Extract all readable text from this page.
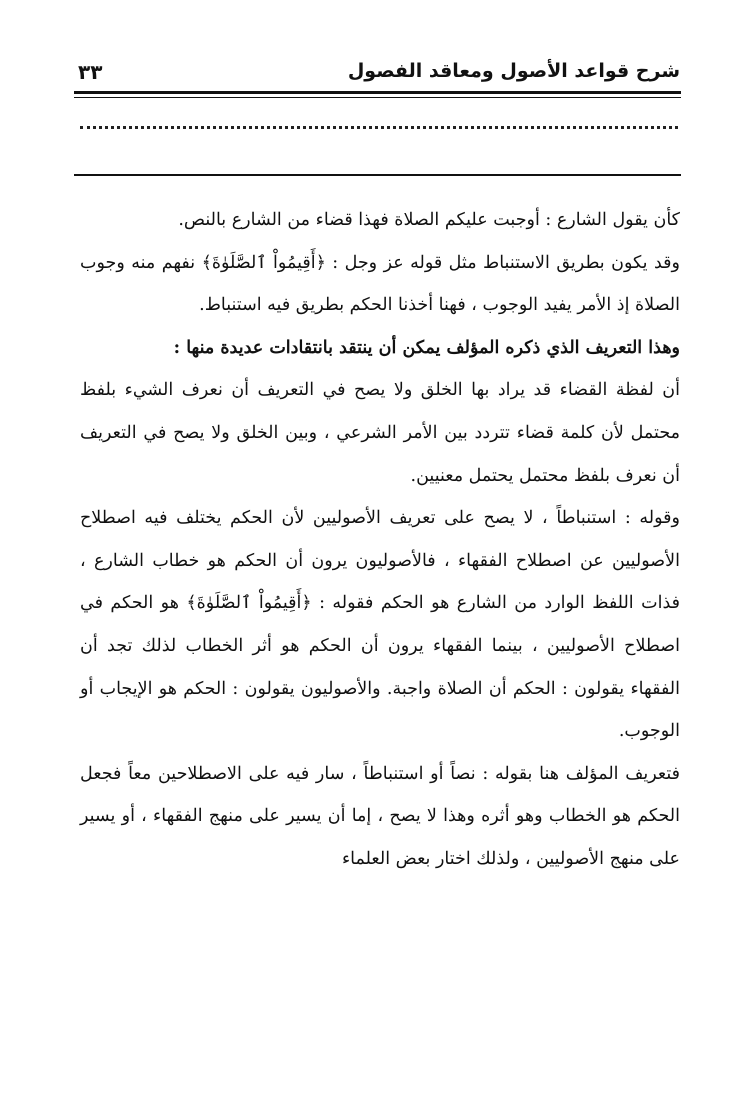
شرح قواعد الأصول ومعاقد الفصول
٣٣

كأن يقول الشارع : أوجبت عليكم الصلاة فهذا قضاء من الشارع بالنص.

وقد يكون بطريق الاستنباط مثل قوله عز وجل : ﴿أَقِيمُواْ ٱلصَّلَوٰةَ﴾ نفهم منه وجوب الصلاة إذ الأمر يفيد الوجوب ، فهنا أخذنا الحكم بطريق فيه استنباط.

وهذا التعريف الذي ذكره المؤلف يمكن أن ينتقد بانتقادات عديدة منها :

أن لفظة القضاء قد يراد بها الخلق ولا يصح في التعريف أن نعرف الشيء بلفظ محتمل لأن كلمة قضاء تتردد بين الأمر الشرعي ، وبين الخلق ولا يصح في التعريف أن نعرف بلفظ محتمل يحتمل معنيين.

وقوله : استنباطاً ، لا يصح على تعريف الأصوليين لأن الحكم يختلف فيه اصطلاح الأصوليين عن اصطلاح الفقهاء ، فالأصوليون يرون أن الحكم هو خطاب الشارع ، فذات اللفظ الوارد من الشارع هو الحكم فقوله : ﴿أَقِيمُواْ ٱلصَّلَوٰةَ﴾ هو الحكم في اصطلاح الأصوليين ، بينما الفقهاء يرون أن الحكم هو أثر الخطاب لذلك تجد أن الفقهاء يقولون : الحكم أن الصلاة واجبة. والأصوليون يقولون : الحكم هو الإيجاب أو الوجوب.

فتعريف المؤلف هنا بقوله : نصاً أو استنباطاً ، سار فيه على الاصطلاحين معاً فجعل الحكم هو الخطاب وهو أثره وهذا لا يصح ، إما أن يسير على منهج الفقهاء ، أو يسير على منهج الأصوليين ، ولذلك اختار بعض العلماء
